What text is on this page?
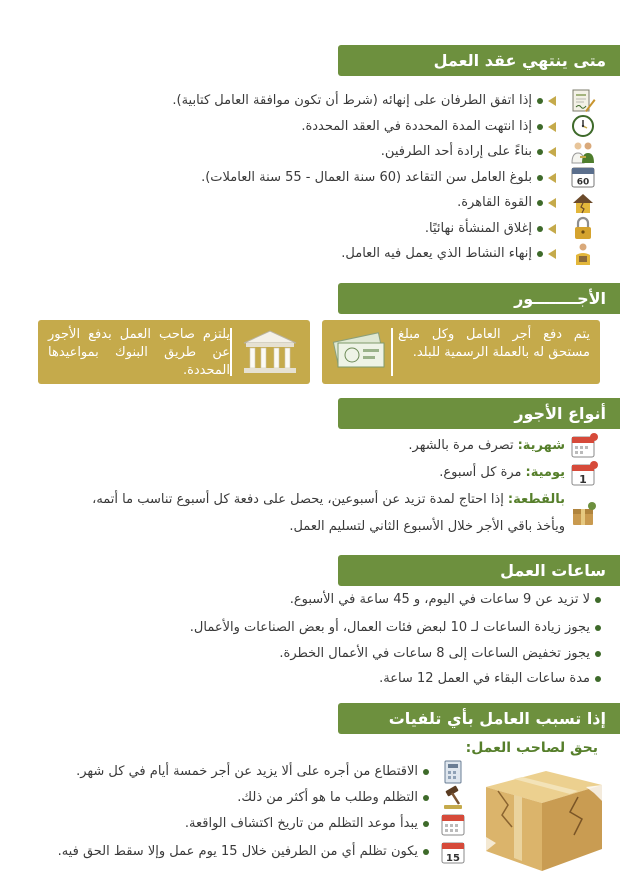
متى ينتهي عقد العمل
إذا اتفق الطرفان على إنهائه (شرط أن تكون موافقة العامل كتابية).
إذا انتهت المدة المحددة في العقد المحددة.
بناءً على إرادة أحد الطرفين.
60
بلوغ العامل سن التقاعد (60 سنة العمال - 55 سنة العاملات).
القوة القاهرة.
إغلاق المنشأة نهائيًا.
إنهاء النشاط الذي يعمل فيه العامل.
الأجــــــــور
يتم دفع أجر العامل وكل مبلغ مستحق له بالعملة الرسمية للبلد.
يلتزم صاحب العمل بدفع الأجور عن طريق البنوك بمواعيدها المحددة.
أنواع الأجور
1
شهرية:تصرف مرة بالشهر.
يومية:مرة كل أسبوع.
بالقطعة:إذا احتاج لمدة تزيد عن أسبوعين، يحصل على دفعة كل أسبوع تناسب ما أتمه،
ويأخذ باقي الأجر خلال الأسبوع الثاني لتسليم العمل.
ساعات العمل
لا تزيد عن 9 ساعات في اليوم، و 45 ساعة في الأسبوع.
يجوز زيادة الساعات لـ 10 لبعض فئات العمال، أو بعض الصناعات والأعمال.
يجوز تخفيض الساعات إلى 8 ساعات في الأعمال الخطرة.
مدة ساعات البقاء في العمل 12 ساعة.
إذا تسبب العامل بأي تلفيات
يحق لصاحب العمل:
الاقتطاع من أجره على ألا يزيد عن أجر خمسة أيام في كل شهر.
التظلم وطلب ما هو أكثر من ذلك.
يبدأ موعد التظلم من تاريخ اكتشاف الواقعة.
15
يكون تظلم أي من الطرفين خلال 15 يوم عمل وإلا سقط الحق فيه.
